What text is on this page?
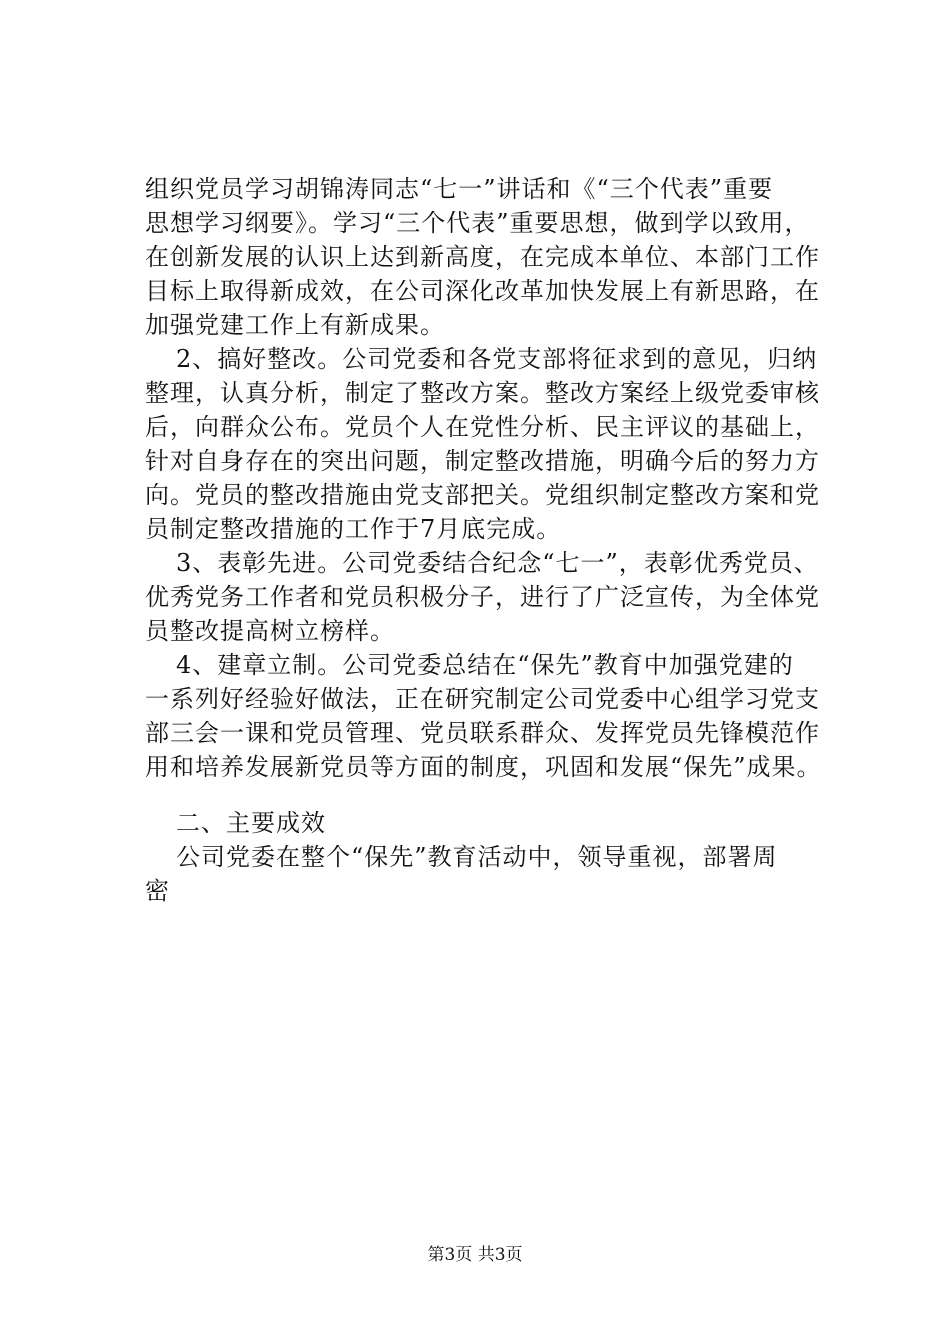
组织党员学习胡锦涛同志“七一”讲话和《“三个代表”重要
思想学习纲要》。学习“三个代表”重要思想，做到学以致用，
在创新发展的认识上达到新高度，在完成本单位、本部门工作
目标上取得新成效，在公司深化改革加快发展上有新思路，在
加强党建工作上有新成果。
2、搞好整改。公司党委和各党支部将征求到的意见，归纳
整理，认真分析，制定了整改方案。整改方案经上级党委审核
后，向群众公布。党员个人在党性分析、民主评议的基础上，
针对自身存在的突出问题，制定整改措施，明确今后的努力方
向。党员的整改措施由党支部把关。党组织制定整改方案和党
员制定整改措施的工作于7月底完成。
3、表彰先进。公司党委结合纪念“七一”，表彰优秀党员、
优秀党务工作者和党员积极分子，进行了广泛宣传，为全体党
员整改提高树立榜样。
4、建章立制。公司党委总结在“保先”教育中加强党建的
一系列好经验好做法，正在研究制定公司党委中心组学习党支
部三会一课和党员管理、党员联系群众、发挥党员先锋模范作
用和培养发展新党员等方面的制度，巩固和发展“保先”成果。
二、主要成效
公司党委在整个“保先”教育活动中，领导重视，部署周
密
第3页 共3页
